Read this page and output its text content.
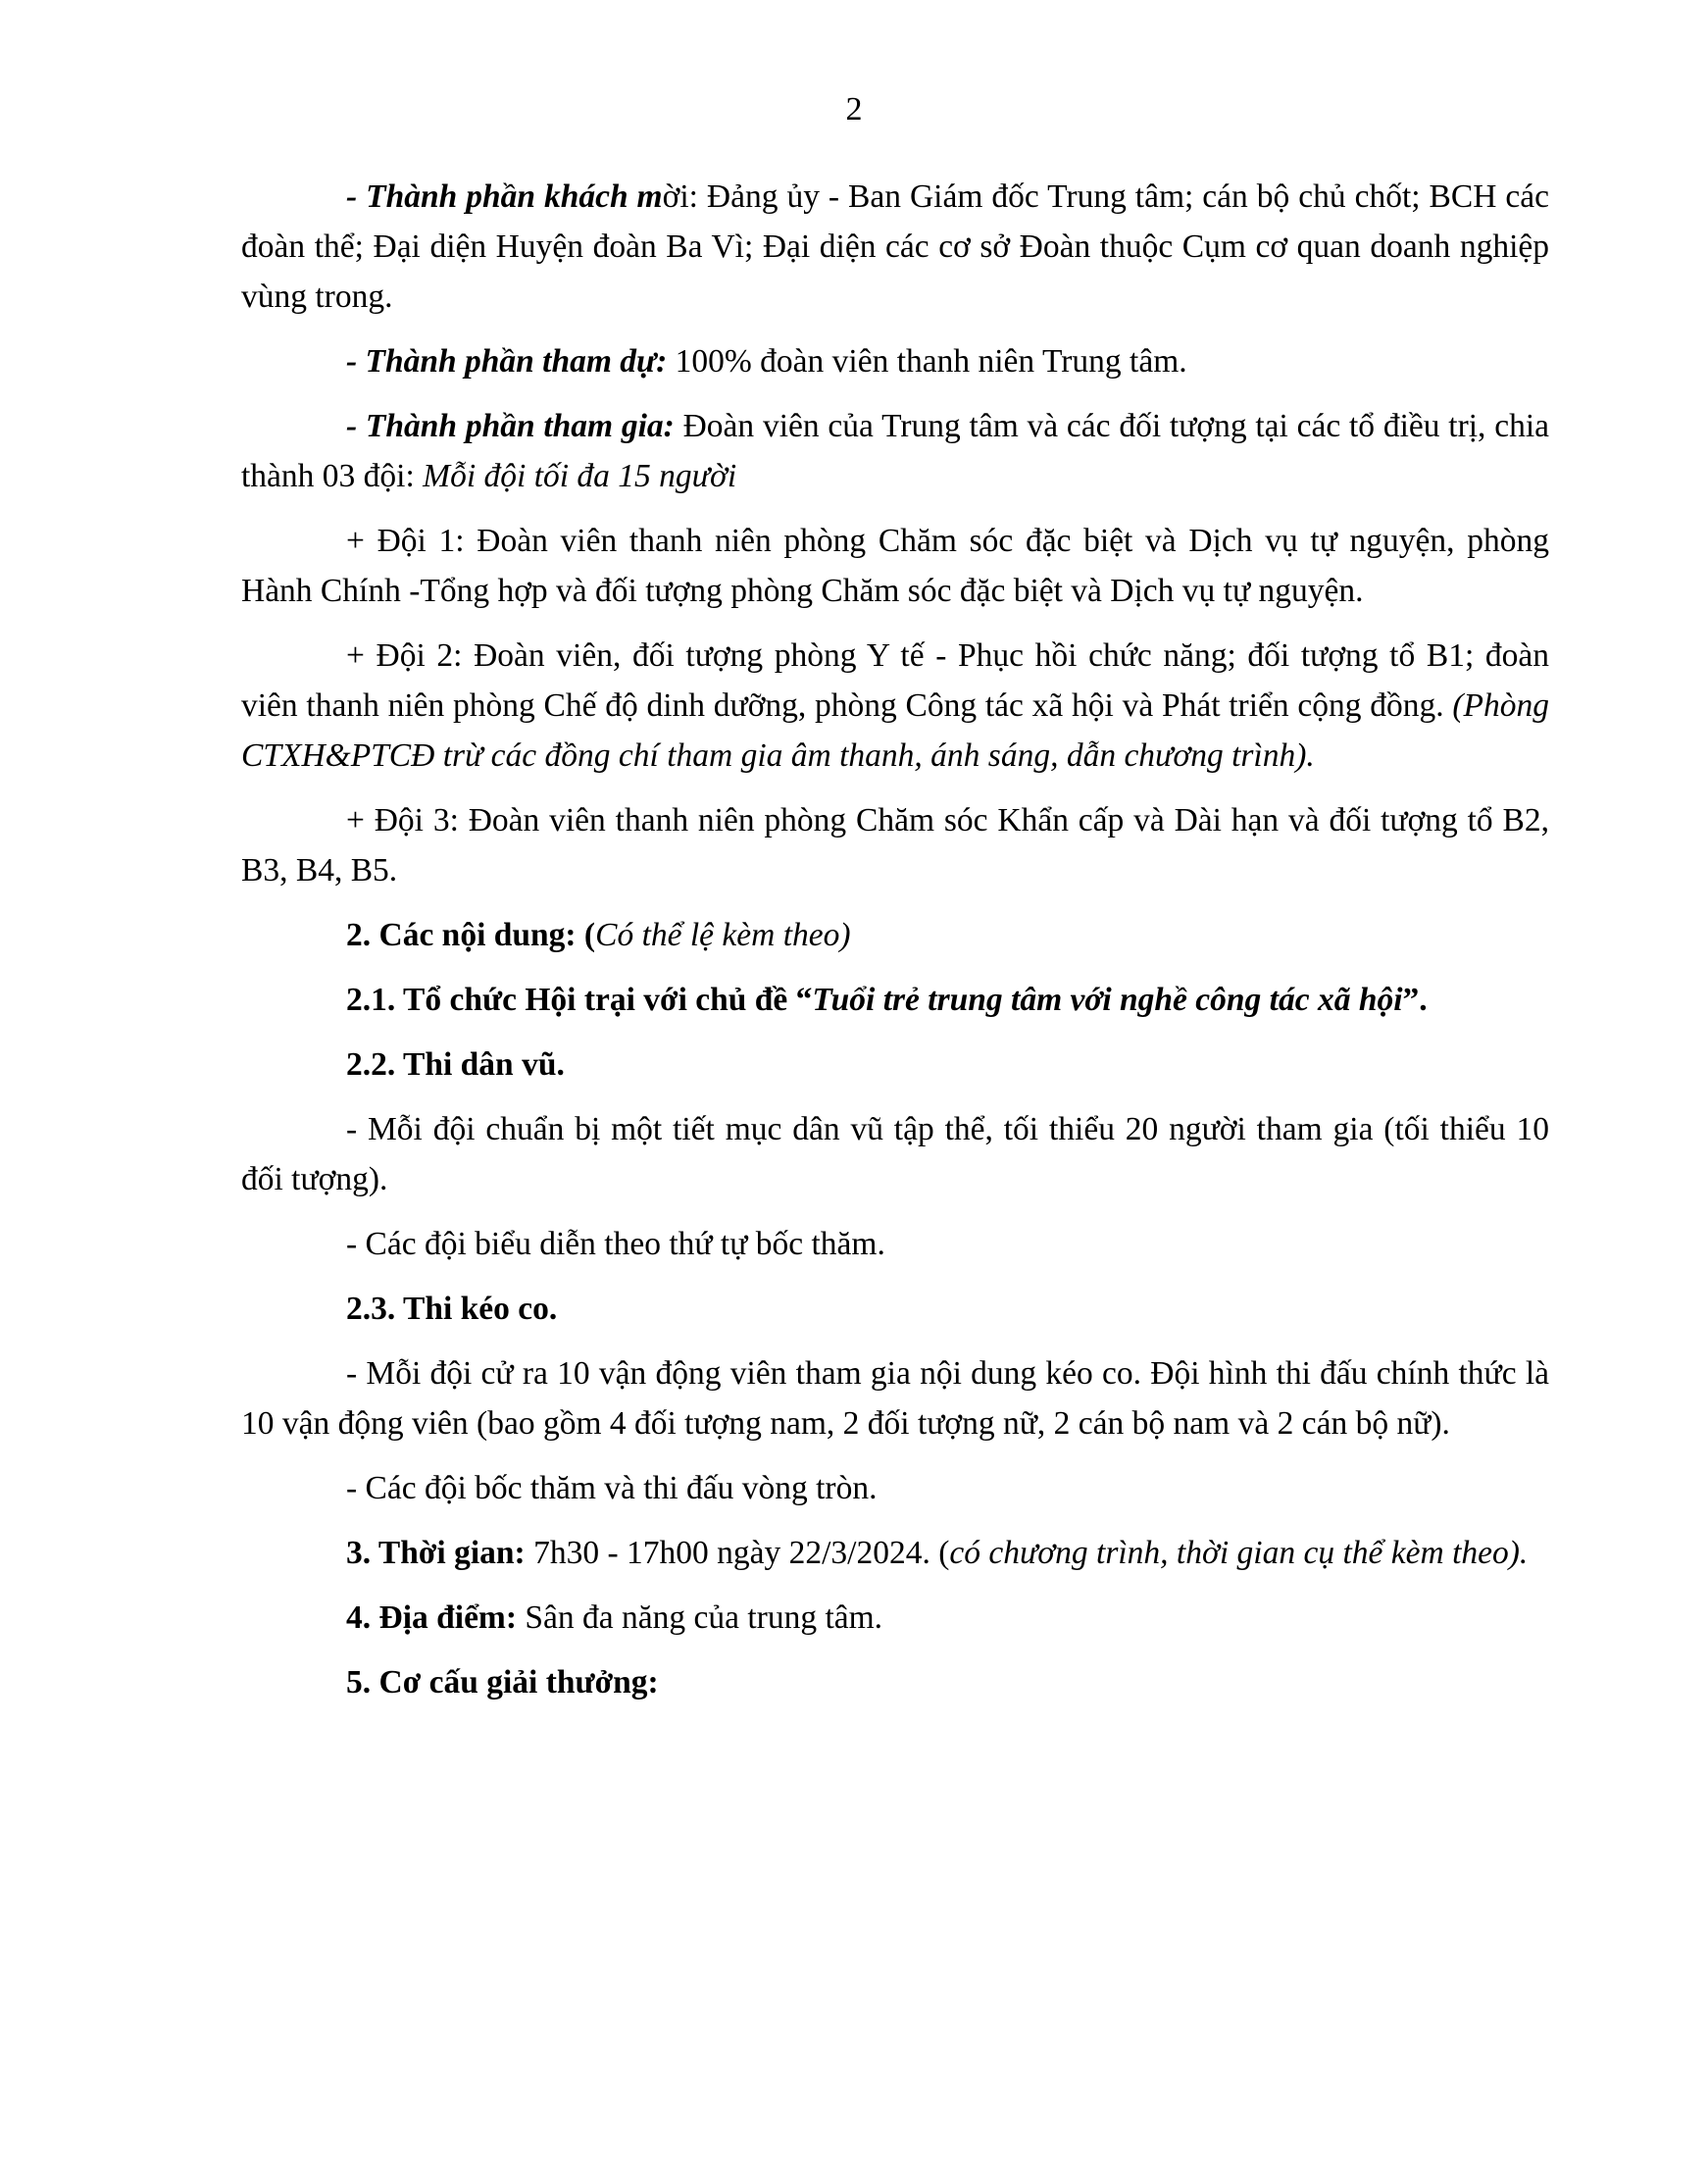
2

- Thành phần khách mời: Đảng ủy - Ban Giám đốc Trung tâm; cán bộ chủ chốt; BCH các đoàn thể; Đại diện Huyện đoàn Ba Vì; Đại diện các cơ sở Đoàn thuộc Cụm cơ quan doanh nghiệp vùng trong.

- Thành phần tham dự: 100% đoàn viên thanh niên Trung tâm.

- Thành phần tham gia: Đoàn viên của Trung tâm và các đối tượng tại các tổ điều trị, chia thành 03 đội: Mỗi đội tối đa 15 người

+ Đội 1: Đoàn viên thanh niên phòng Chăm sóc đặc biệt và Dịch vụ tự nguyện, phòng Hành Chính -Tổng hợp và đối tượng phòng Chăm sóc đặc biệt và Dịch vụ tự nguyện.

+ Đội 2: Đoàn viên, đối tượng phòng Y tế - Phục hồi chức năng; đối tượng tổ B1; đoàn viên thanh niên phòng Chế độ dinh dưỡng, phòng Công tác xã hội và Phát triển cộng đồng. (Phòng CTXH&PTCĐ trừ các đồng chí tham gia âm thanh, ánh sáng, dẫn chương trình).

+ Đội 3: Đoàn viên thanh niên phòng Chăm sóc Khẩn cấp và Dài hạn và đối tượng tổ B2, B3, B4, B5.

2. Các nội dung: (Có thể lệ kèm theo)

2.1. Tổ chức Hội trại với chủ đề “Tuổi trẻ trung tâm với nghề công tác xã hội”.

2.2. Thi dân vũ.

- Mỗi đội chuẩn bị một tiết mục dân vũ tập thể, tối thiểu 20 người tham gia (tối thiểu 10 đối tượng).

- Các đội biểu diễn theo thứ tự bốc thăm.

2.3. Thi kéo co.

- Mỗi đội cử ra 10 vận động viên tham gia nội dung kéo co. Đội hình thi đấu chính thức là 10 vận động viên (bao gồm 4 đối tượng nam, 2 đối tượng nữ, 2 cán bộ nam và 2 cán bộ nữ).

- Các đội bốc thăm và thi đấu vòng tròn.

3. Thời gian: 7h30 - 17h00 ngày 22/3/2024. (có chương trình, thời gian cụ thể kèm theo).

4. Địa điểm: Sân đa năng của trung tâm.

5. Cơ cấu giải thưởng:
